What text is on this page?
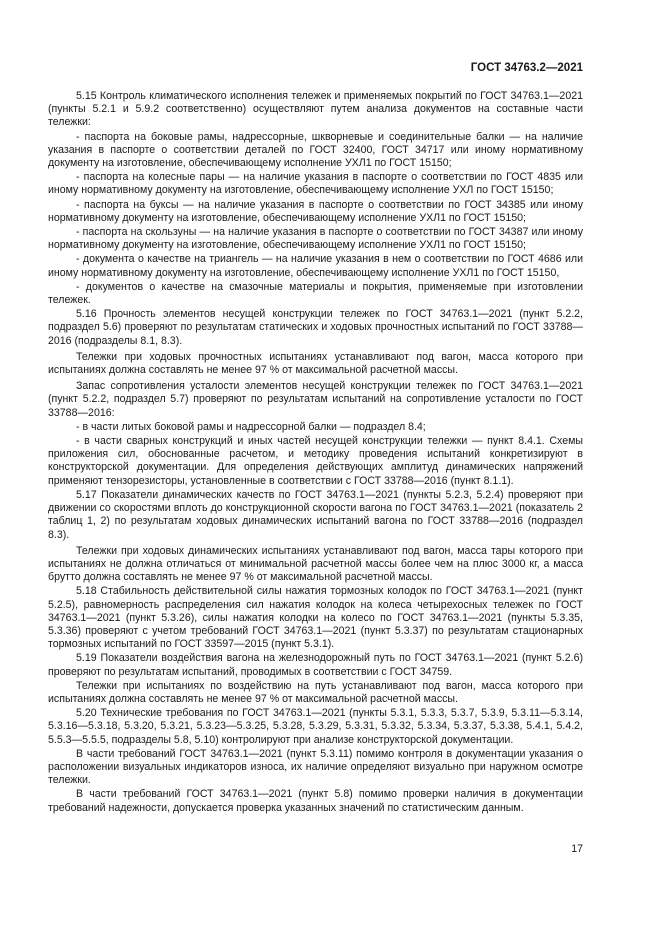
ГОСТ 34763.2—2021

5.15 Контроль климатического исполнения тележек и применяемых покрытий по ГОСТ 34763.1—2021 (пункты 5.2.1 и 5.9.2 соответственно) осуществляют путем анализа документов на составные части тележки:

- паспорта на боковые рамы, надрессорные, шкворневые и соединительные балки — на наличие указания в паспорте о соответствии деталей по ГОСТ 32400, ГОСТ 34717 или иному нормативному документу на изготовление, обеспечивающему исполнение УХЛ1 по ГОСТ 15150;

- паспорта на колесные пары — на наличие указания в паспорте о соответствии по ГОСТ 4835 или иному нормативному документу на изготовление, обеспечивающему исполнение УХЛ по ГОСТ 15150;

- паспорта на буксы — на наличие указания в паспорте о соответствии по ГОСТ 34385 или иному нормативному документу на изготовление, обеспечивающему исполнение УХЛ1 по ГОСТ 15150;

- паспорта на скользуны — на наличие указания в паспорте о соответствии по ГОСТ 34387 или иному нормативному документу на изготовление, обеспечивающему исполнение УХЛ1 по ГОСТ 15150;

- документа о качестве на триангель — на наличие указания в нем о соответствии по ГОСТ 4686 или иному нормативному документу на изготовление, обеспечивающему исполнение УХЛ1 по ГОСТ 15150,

- документов о качестве на смазочные материалы и покрытия, применяемые при изготовлении тележек.

5.16 Прочность элементов несущей конструкции тележек по ГОСТ 34763.1—2021 (пункт 5.2.2, подраздел 5.6) проверяют по результатам статических и ходовых прочностных испытаний по ГОСТ 33788—2016 (подразделы 8.1, 8.3).

Тележки при ходовых прочностных испытаниях устанавливают под вагон, масса которого при испытаниях должна составлять не менее 97 % от максимальной расчетной массы.

Запас сопротивления усталости элементов несущей конструкции тележек по ГОСТ 34763.1—2021 (пункт 5.2.2, подраздел 5.7) проверяют по результатам испытаний на сопротивление усталости по ГОСТ 33788—2016:

- в части литых боковой рамы и надрессорной балки — подраздел 8.4;

- в части сварных конструкций и иных частей несущей конструкции тележки — пункт 8.4.1. Схемы приложения сил, обоснованные расчетом, и методику проведения испытаний конкретизируют в конструкторской документации. Для определения действующих амплитуд динамических напряжений применяют тензорезисторы, установленные в соответствии с ГОСТ 33788—2016 (пункт 8.1.1).

5.17 Показатели динамических качеств по ГОСТ 34763.1—2021 (пункты 5.2.3, 5.2.4) проверяют при движении со скоростями вплоть до конструкционной скорости вагона по ГОСТ 34763.1—2021 (показатель 2 таблиц 1, 2) по результатам ходовых динамических испытаний вагона по ГОСТ 33788—2016 (подраздел 8.3).

Тележки при ходовых динамических испытаниях устанавливают под вагон, масса тары которого при испытаниях не должна отличаться от минимальной расчетной массы более чем на плюс 3000 кг, а масса брутто должна составлять не менее 97 % от максимальной расчетной массы.

5.18 Стабильность действительной силы нажатия тормозных колодок по ГОСТ 34763.1—2021 (пункт 5.2.5), равномерность распределения сил нажатия колодок на колеса четырехосных тележек по ГОСТ 34763.1—2021 (пункт 5.3.26), силы нажатия колодки на колесо по ГОСТ 34763.1—2021 (пункты 5.3.35, 5.3.36) проверяют с учетом требований ГОСТ 34763.1—2021 (пункт 5.3.37) по результатам стационарных тормозных испытаний по ГОСТ 33597—2015 (пункт 5.3.1).

5.19 Показатели воздействия вагона на железнодорожный путь по ГОСТ 34763.1—2021 (пункт 5.2.6) проверяют по результатам испытаний, проводимых в соответствии с ГОСТ 34759.

Тележки при испытаниях по воздействию на путь устанавливают под вагон, масса которого при испытаниях должна составлять не менее 97 % от максимальной расчетной массы.

5.20 Технические требования по ГОСТ 34763.1—2021 (пункты 5.3.1, 5.3.3, 5.3.7, 5.3.9, 5.3.11—5.3.14, 5.3.16—5.3.18, 5.3.20, 5.3.21, 5.3.23—5.3.25, 5.3.28, 5.3.29, 5.3.31, 5.3.32, 5.3.34, 5.3.37, 5.3.38, 5.4.1, 5.4.2, 5.5.3—5.5.5, подразделы 5.8, 5.10) контролируют при анализе конструкторской документации.

В части требований ГОСТ 34763.1—2021 (пункт 5.3.11) помимо контроля в документации указания о расположении визуальных индикаторов износа, их наличие определяют визуально при наружном осмотре тележки.

В части требований ГОСТ 34763.1—2021 (пункт 5.8) помимо проверки наличия в документации требований надежности, допускается проверка указанных значений по статистическим данным.

17
